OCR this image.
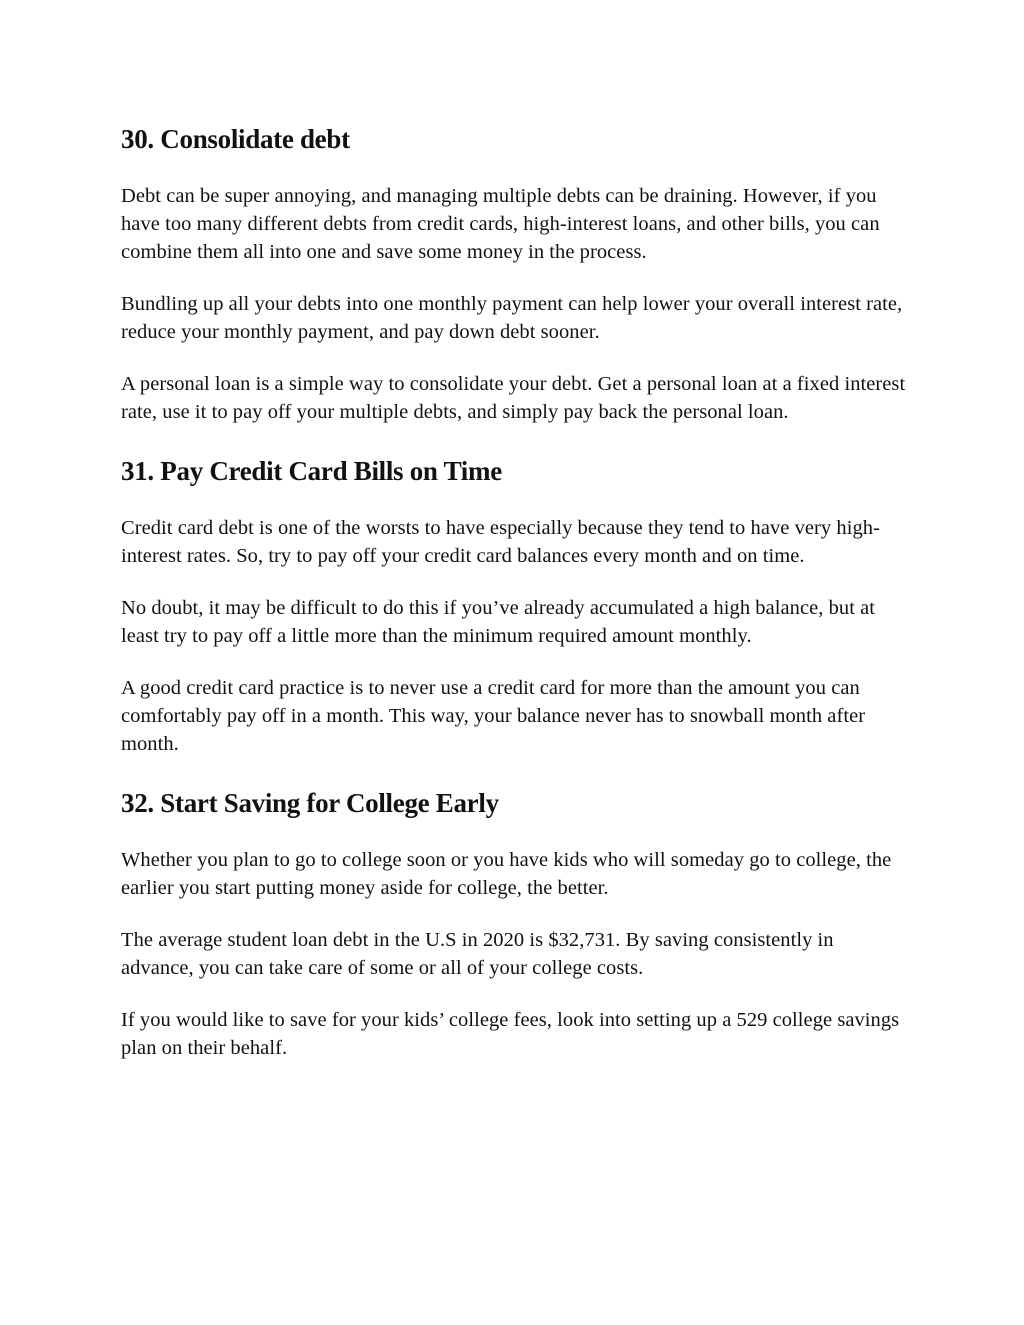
30. Consolidate debt

Debt can be super annoying, and managing multiple debts can be draining. However, if you have too many different debts from credit cards, high-interest loans, and other bills, you can combine them all into one and save some money in the process.

Bundling up all your debts into one monthly payment can help lower your overall interest rate, reduce your monthly payment, and pay down debt sooner.

A personal loan is a simple way to consolidate your debt. Get a personal loan at a fixed interest rate, use it to pay off your multiple debts, and simply pay back the personal loan.

31. Pay Credit Card Bills on Time

Credit card debt is one of the worsts to have especially because they tend to have very high-interest rates. So, try to pay off your credit card balances every month and on time.

No doubt, it may be difficult to do this if you’ve already accumulated a high balance, but at least try to pay off a little more than the minimum required amount monthly.

A good credit card practice is to never use a credit card for more than the amount you can comfortably pay off in a month. This way, your balance never has to snowball month after month.

32. Start Saving for College Early

Whether you plan to go to college soon or you have kids who will someday go to college, the earlier you start putting money aside for college, the better.

The average student loan debt in the U.S in 2020 is $32,731. By saving consistently in advance, you can take care of some or all of your college costs.

If you would like to save for your kids’ college fees, look into setting up a 529 college savings plan on their behalf.
